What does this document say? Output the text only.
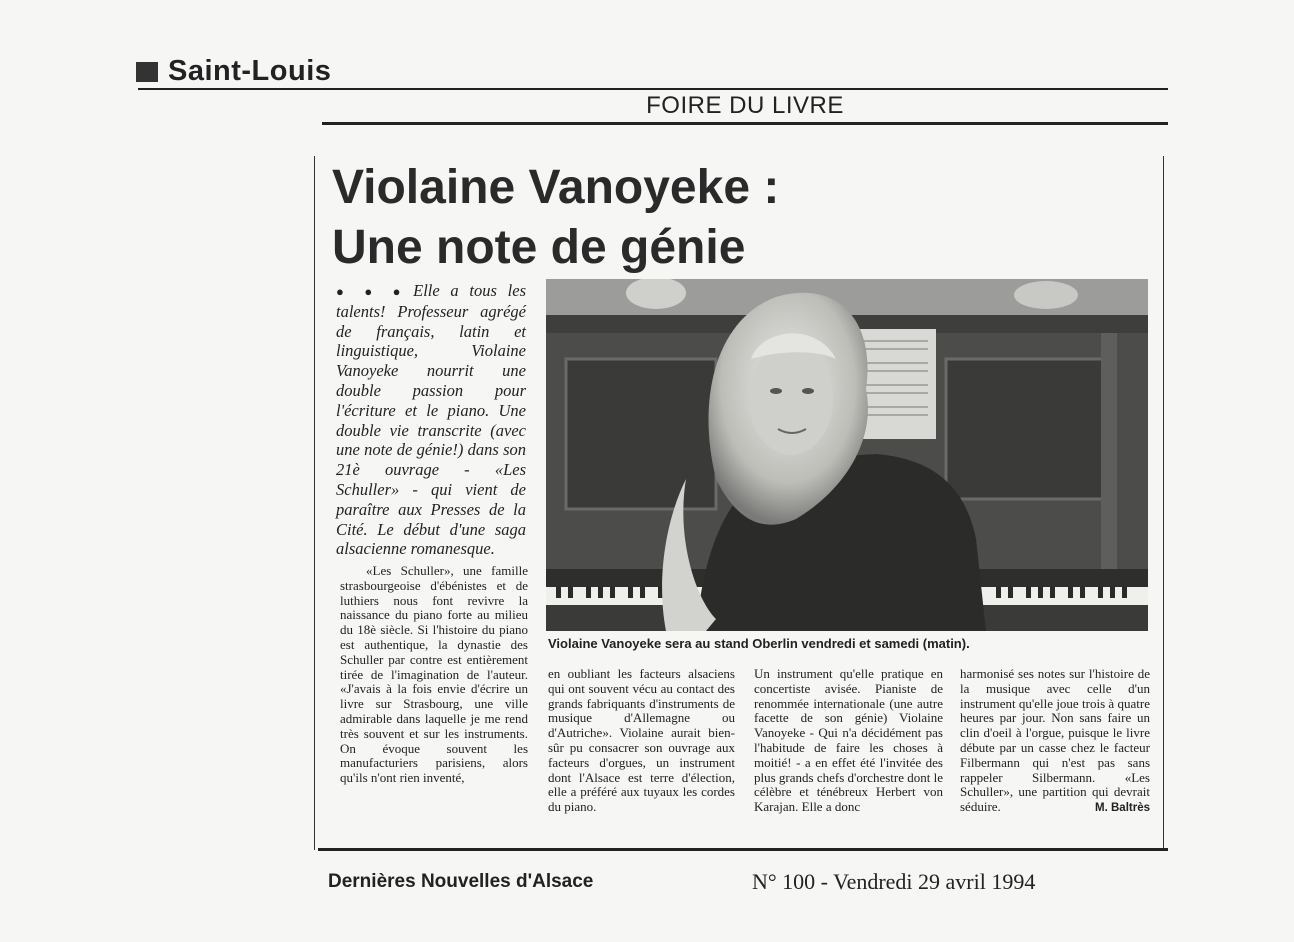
Saint-Louis
FOIRE DU LIVRE
Violaine Vanoyeke :
Une note de génie
● ● ● Elle a tous les talents! Professeur agrégé de français, latin et linguistique, Violaine Vanoyeke nourrit une double passion pour l'écriture et le piano. Une double vie transcrite (avec une note de génie!) dans son 21è ouvrage - «Les Schuller» - qui vient de paraître aux Presses de la Cité. Le début d'une saga alsacienne romanesque.
Violaine Vanoyeke sera au stand Oberlin vendredi et samedi (matin).
«Les Schuller», une famille strasbourgeoise d'ébénistes et de luthiers nous font revivre la naissance du piano forte au milieu du 18è siècle. Si l'histoire du piano est authentique, la dynastie des Schuller par contre est entièrement tirée de l'imagination de l'auteur. «J'avais à la fois envie d'écrire un livre sur Strasbourg, une ville admirable dans laquelle je me rend très souvent et sur les instruments. On évoque souvent les manufacturiers parisiens, alors qu'ils n'ont rien inventé,
en oubliant les facteurs alsaciens qui ont souvent vécu au contact des grands fabriquants d'instruments de musique d'Allemagne ou d'Autriche». Violaine aurait bien-sûr pu consacrer son ouvrage aux facteurs d'orgues, un instrument dont l'Alsace est terre d'élection, elle a préféré aux tuyaux les cordes du piano.
Un instrument qu'elle pratique en concertiste avisée. Pianiste de renommée internationale (une autre facette de son génie) Violaine Vanoyeke - Qui n'a décidément pas l'habitude de faire les choses à moitié! - a en effet été l'invitée des plus grands chefs d'orchestre dont le célèbre et ténébreux Herbert von Karajan. Elle a donc
harmonisé ses notes sur l'histoire de la musique avec celle d'un instrument qu'elle joue trois à quatre heures par jour. Non sans faire un clin d'oeil à l'orgue, puisque le livre débute par un casse chez le facteur Filbermann qui n'est pas sans rappeler Silbermann. «Les Schuller», une partition qui devrait séduire.	M. Baltrès
Dernières Nouvelles d'Alsace	N° 100 - Vendredi 29 avril 1994
